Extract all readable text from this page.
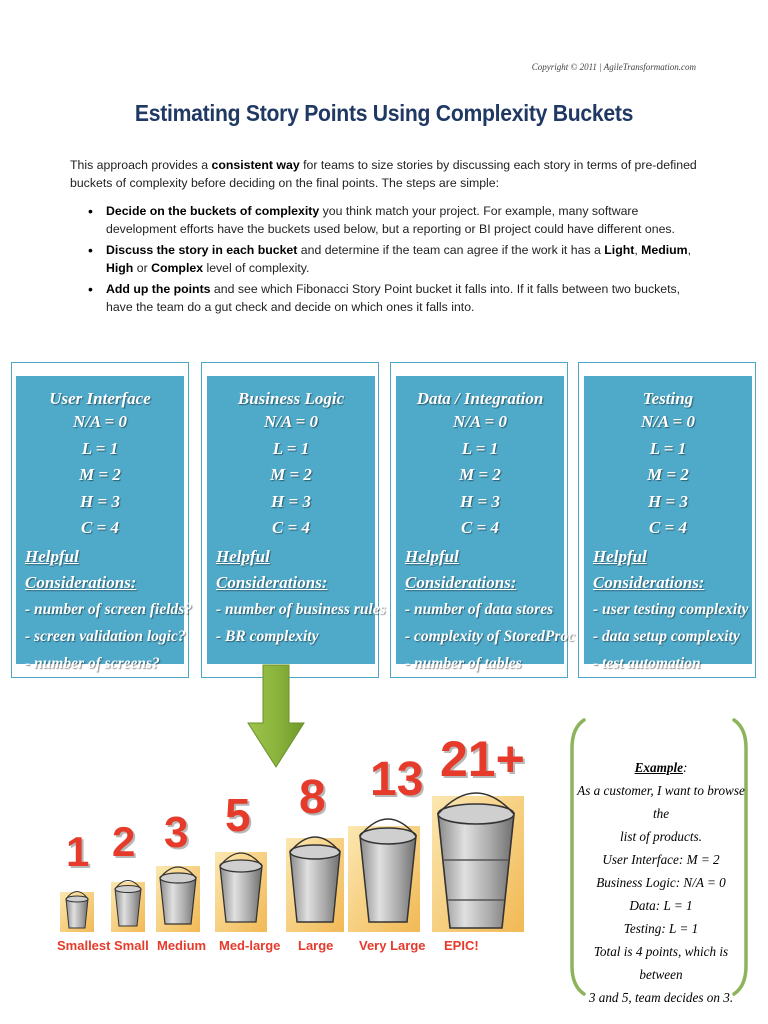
Copyright © 2011 | AgileTransformation.com
Estimating Story Points Using Complexity Buckets
This approach provides a consistent way for teams to size stories by discussing each story in terms of pre-defined buckets of complexity before deciding on the final points. The steps are simple:
• Decide on the buckets of complexity you think match your project. For example, many software development efforts have the buckets used below, but a reporting or BI project could have different ones.
• Discuss the story in each bucket and determine if the team can agree if the work it has a Light, Medium, High or Complex level of complexity.
• Add up the points and see which Fibonacci Story Point bucket it falls into. If it falls between two buckets, have the team do a gut check and decide on which ones it falls into.
User Interface
N/A = 0
L = 1
M = 2
H = 3
C = 4
Helpful Considerations:
- number of screen fields?
- screen validation logic?
- number of screens?
Business Logic
N/A = 0
L = 1
M = 2
H = 3
C = 4
Helpful Considerations:
- number of business rules
- BR complexity
Data / Integration
N/A = 0
L = 1
M = 2
H = 3
C = 4
Helpful Considerations:
- number of data stores
- complexity of StoredProc
- number of tables
Testing
N/A = 0
L = 1
M = 2
H = 3
C = 4
Helpful Considerations:
- user testing complexity
- data setup complexity
- test automation
1 2 3 5 8 13 21+
Smallest Small Medium Med-large Large Very Large EPIC!
Example:
As a customer, I want to browse the
list of products.
User Interface: M = 2
Business Logic: N/A = 0
Data: L = 1
Testing: L = 1
Total is 4 points, which is between
3 and 5, team decides on 3.
